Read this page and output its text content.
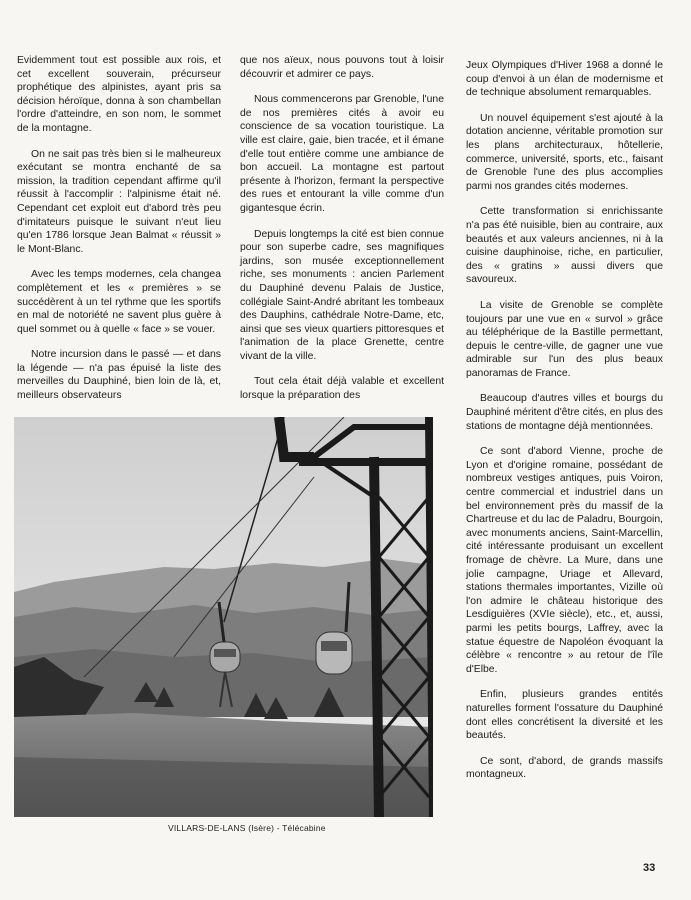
Evidemment tout est possible aux rois, et cet excellent souverain, précurseur prophétique des alpinistes, ayant pris sa décision héroïque, donna à son chambellan l'ordre d'atteindre, en son nom, le sommet de la montagne.

On ne sait pas très bien si le malheureux exécutant se montra enchanté de sa mission, la tradition cependant affirme qu'il réussit à l'accomplir : l'alpinisme était né. Cependant cet exploit eut d'abord très peu d'imitateurs puisque le suivant n'eut lieu qu'en 1786 lorsque Jean Balmat « réussit » le Mont-Blanc.

Avec les temps modernes, cela changea complètement et les « premières » se succédèrent à un tel rythme que les sportifs en mal de notoriété ne savent plus guère à quel sommet ou à quelle « face » se vouer.

Notre incursion dans le passé — et dans la légende — n'a pas épuisé la liste des merveilles du Dauphiné, bien loin de là, et, meilleurs observateurs

que nos aïeux, nous pouvons tout à loisir découvrir et admirer ce pays.

Nous commencerons par Grenoble, l'une de nos premières cités à avoir eu conscience de sa vocation touristique. La ville est claire, gaie, bien tracée, et il émane d'elle tout entière comme une ambiance de bon accueil. La montagne est partout présente à l'horizon, fermant la perspective des rues et entourant la ville comme d'un gigantesque écrin.

Depuis longtemps la cité est bien connue pour son superbe cadre, ses magnifiques jardins, son musée exceptionnellement riche, ses monuments : ancien Parlement du Dauphiné devenu Palais de Justice, collégiale Saint-André abritant les tombeaux des Dauphins, cathédrale Notre-Dame, etc, ainsi que ses vieux quartiers pittoresques et l'animation de la place Grenette, centre vivant de la ville.

Tout cela était déjà valable et excellent lorsque la préparation des

Jeux Olympiques d'Hiver 1968 a donné le coup d'envoi à un élan de modernisme et de technique absolument remarquables.

Un nouvel équipement s'est ajouté à la dotation ancienne, véritable promotion sur les plans architecturaux, hôtellerie, commerce, université, sports, etc., faisant de Grenoble l'une des plus accomplies parmi nos grandes cités modernes.

Cette transformation si enrichissante n'a pas été nuisible, bien au contraire, aux beautés et aux valeurs anciennes, ni à la cuisine dauphinoise, riche, en particulier, des « gratins » aussi divers que savoureux.

La visite de Grenoble se complète toujours par une vue en « survol » grâce au téléphérique de la Bastille permettant, depuis le centre-ville, de gagner une vue admirable sur l'un des plus beaux panoramas de France.

Beaucoup d'autres villes et bourgs du Dauphiné méritent d'être cités, en plus des stations de montagne déjà mentionnées.

Ce sont d'abord Vienne, proche de Lyon et d'origine romaine, possédant de nombreux vestiges antiques, puis Voiron, centre commercial et industriel dans un bel environnement près du massif de la Chartreuse et du lac de Paladru, Bourgoin, avec monuments anciens, Saint-Marcellin, cité intéressante produisant un excellent fromage de chèvre. La Mure, dans une jolie campagne, Uriage et Allevard, stations thermales importantes, Vizille où l'on admire le château historique des Lesdiguières (XVIe siècle), etc., et, aussi, parmi les petits bourgs, Laffrey, avec la statue équestre de Napoléon évoquant la célèbre « rencontre » au retour de l'île d'Elbe.

Enfin, plusieurs grandes entités naturelles forment l'ossature du Dauphiné dont elles concrétisent la diversité et les beautés.

Ce sont, d'abord, de grands massifs montagneux.

VILLARS-DE-LANS (Isère) - Télécabine
33
